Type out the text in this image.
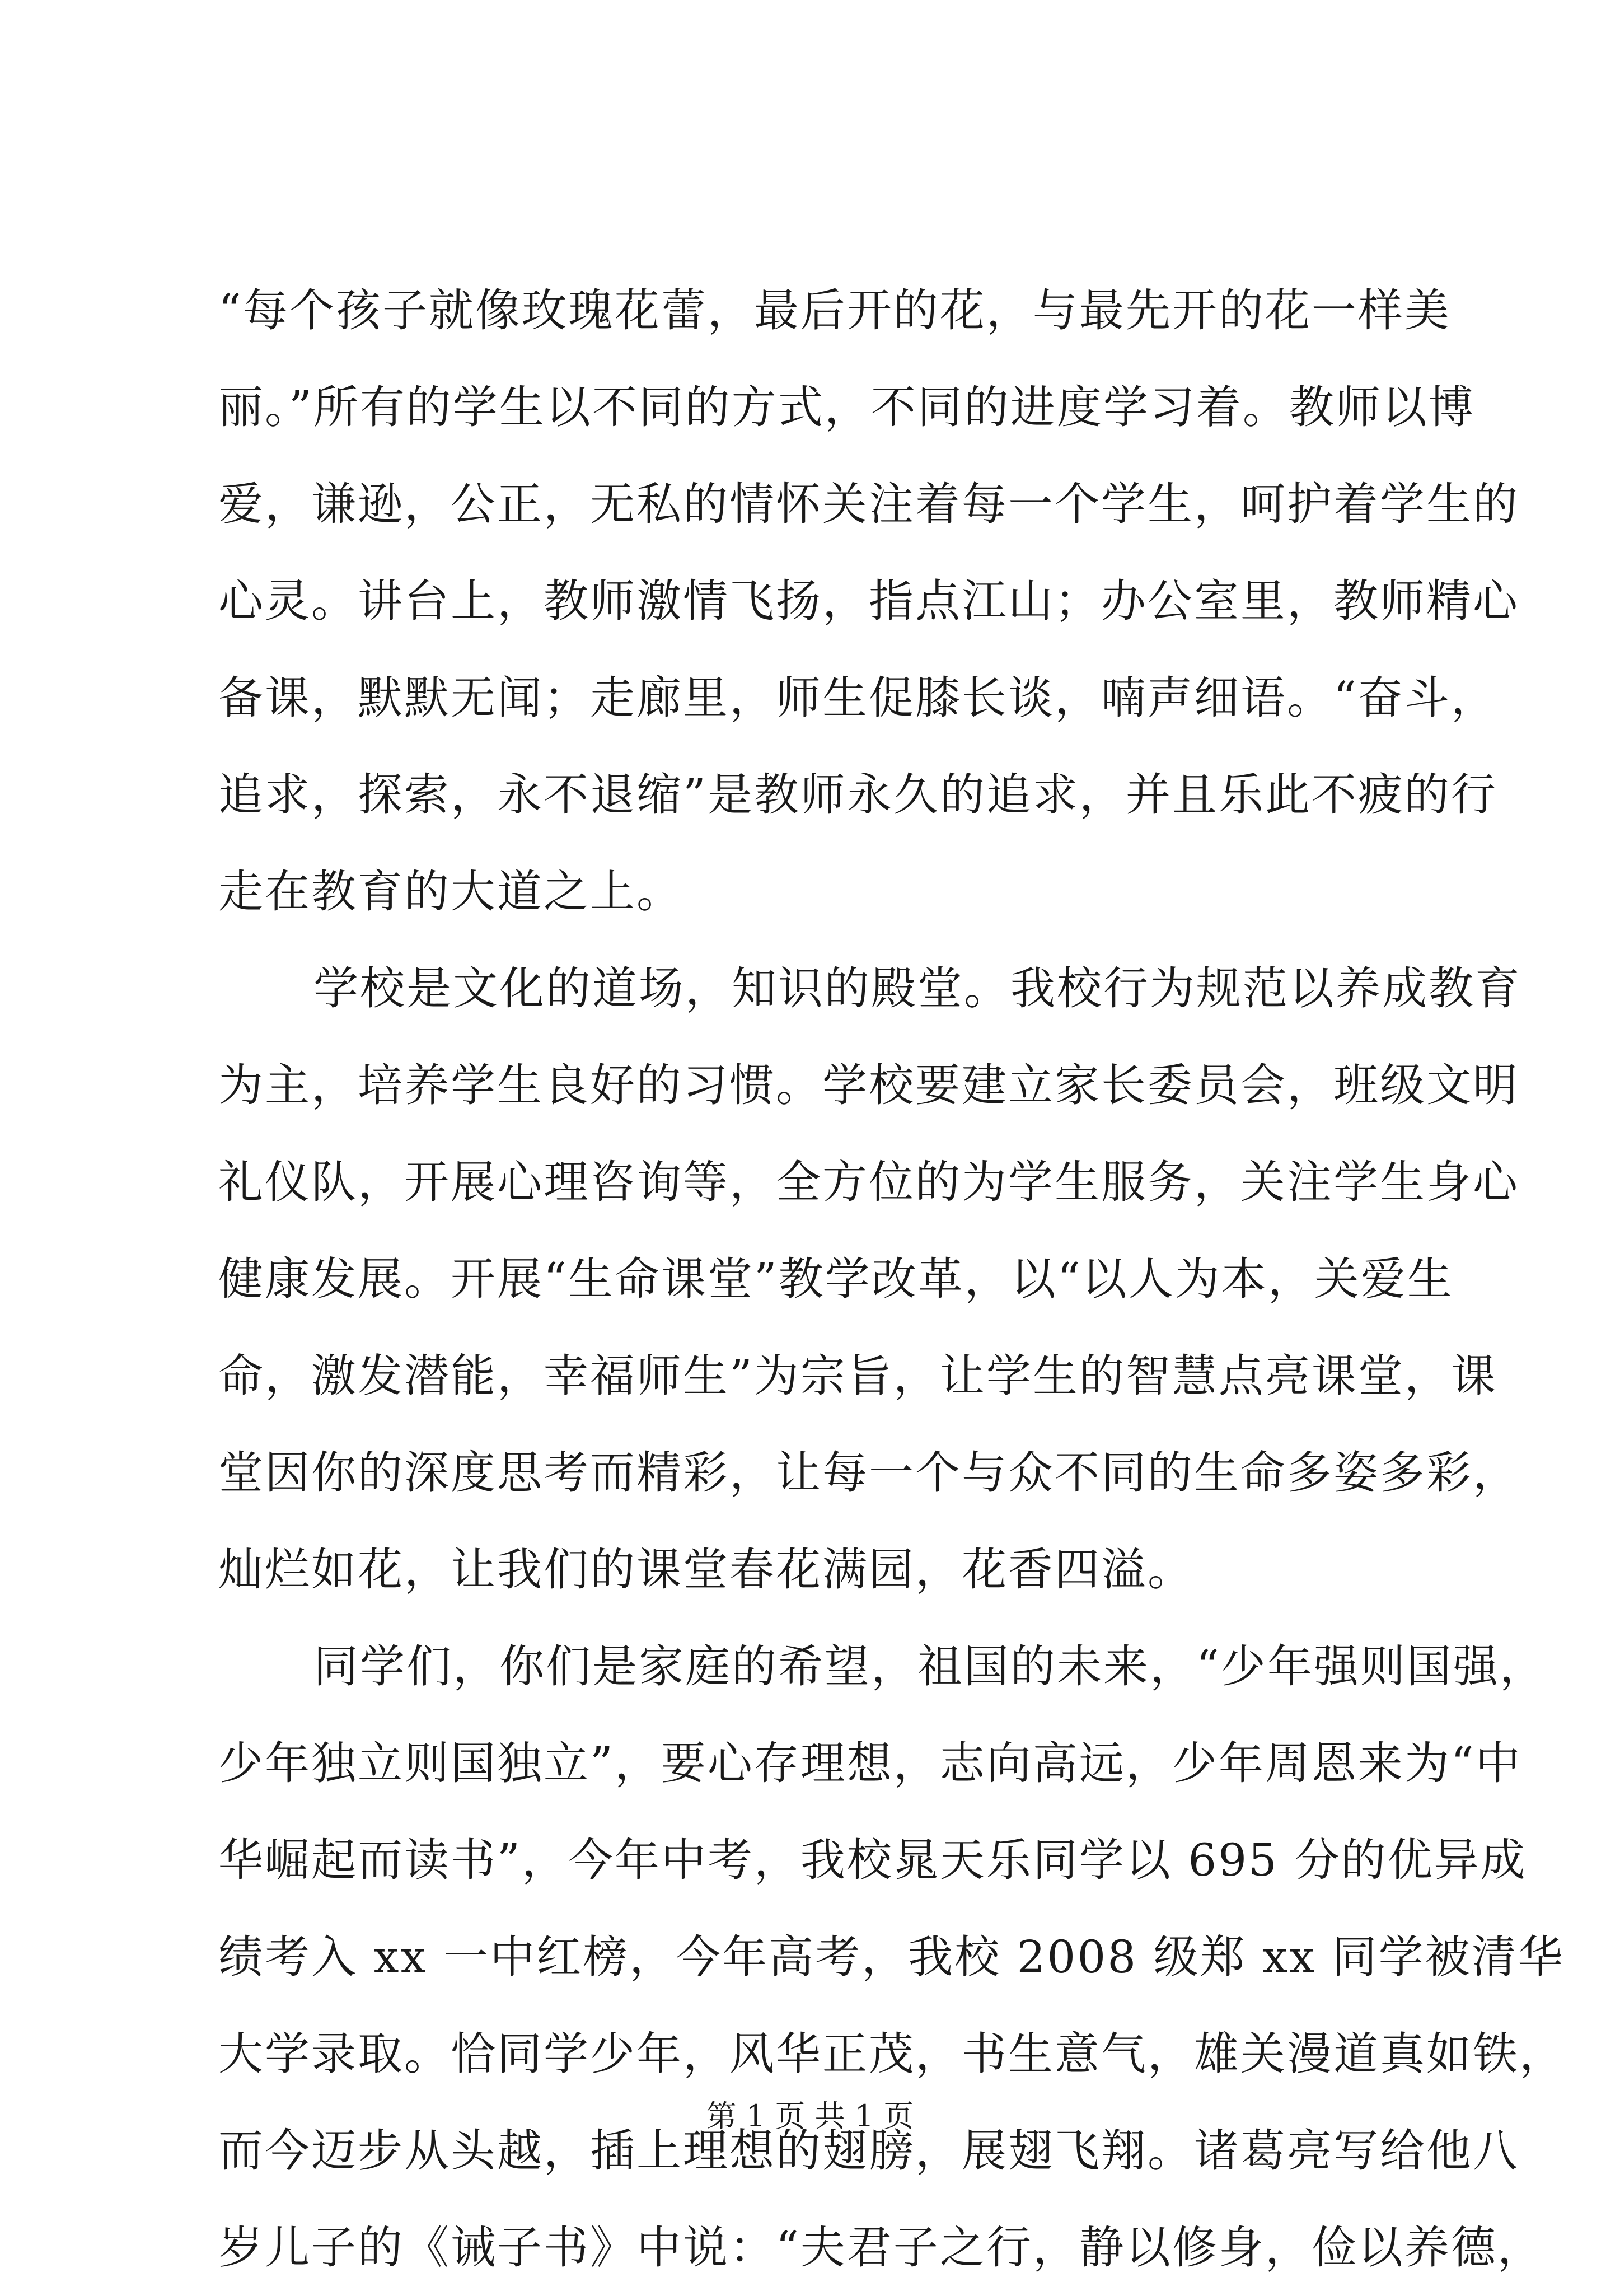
“每个孩子就像玫瑰花蕾，最后开的花，与最先开的花一样美
丽。”所有的学生以不同的方式，不同的进度学习着。教师以博
爱，谦逊，公正，无私的情怀关注着每一个学生，呵护着学生的
心灵。讲台上，教师激情飞扬，指点江山；办公室里，教师精心
备课，默默无闻；走廊里，师生促膝长谈，喃声细语。“奋斗，
追求，探索，永不退缩”是教师永久的追求，并且乐此不疲的行
走在教育的大道之上。
学校是文化的道场，知识的殿堂。我校行为规范以养成教育
为主，培养学生良好的习惯。学校要建立家长委员会，班级文明
礼仪队，开展心理咨询等，全方位的为学生服务，关注学生身心
健康发展。开展“生命课堂”教学改革，以“以人为本，关爱生
命，激发潜能，幸福师生”为宗旨，让学生的智慧点亮课堂，课
堂因你的深度思考而精彩，让每一个与众不同的生命多姿多彩，
灿烂如花，让我们的课堂春花满园，花香四溢。
同学们，你们是家庭的希望，祖国的未来，“少年强则国强，
少年独立则国独立”，要心存理想，志向高远，少年周恩来为“中
华崛起而读书”，今年中考，我校晁天乐同学以 695 分的优异成
绩考入 xx 一中红榜，今年高考，我校 2008 级郑 xx 同学被清华
大学录取。恰同学少年，风华正茂，书生意气，雄关漫道真如铁，
而今迈步从头越，插上理想的翅膀，展翅飞翔。诸葛亮写给他八
岁儿子的《诫子书》中说：“夫君子之行，静以修身，俭以养德，
第 1 页 共 1 页
